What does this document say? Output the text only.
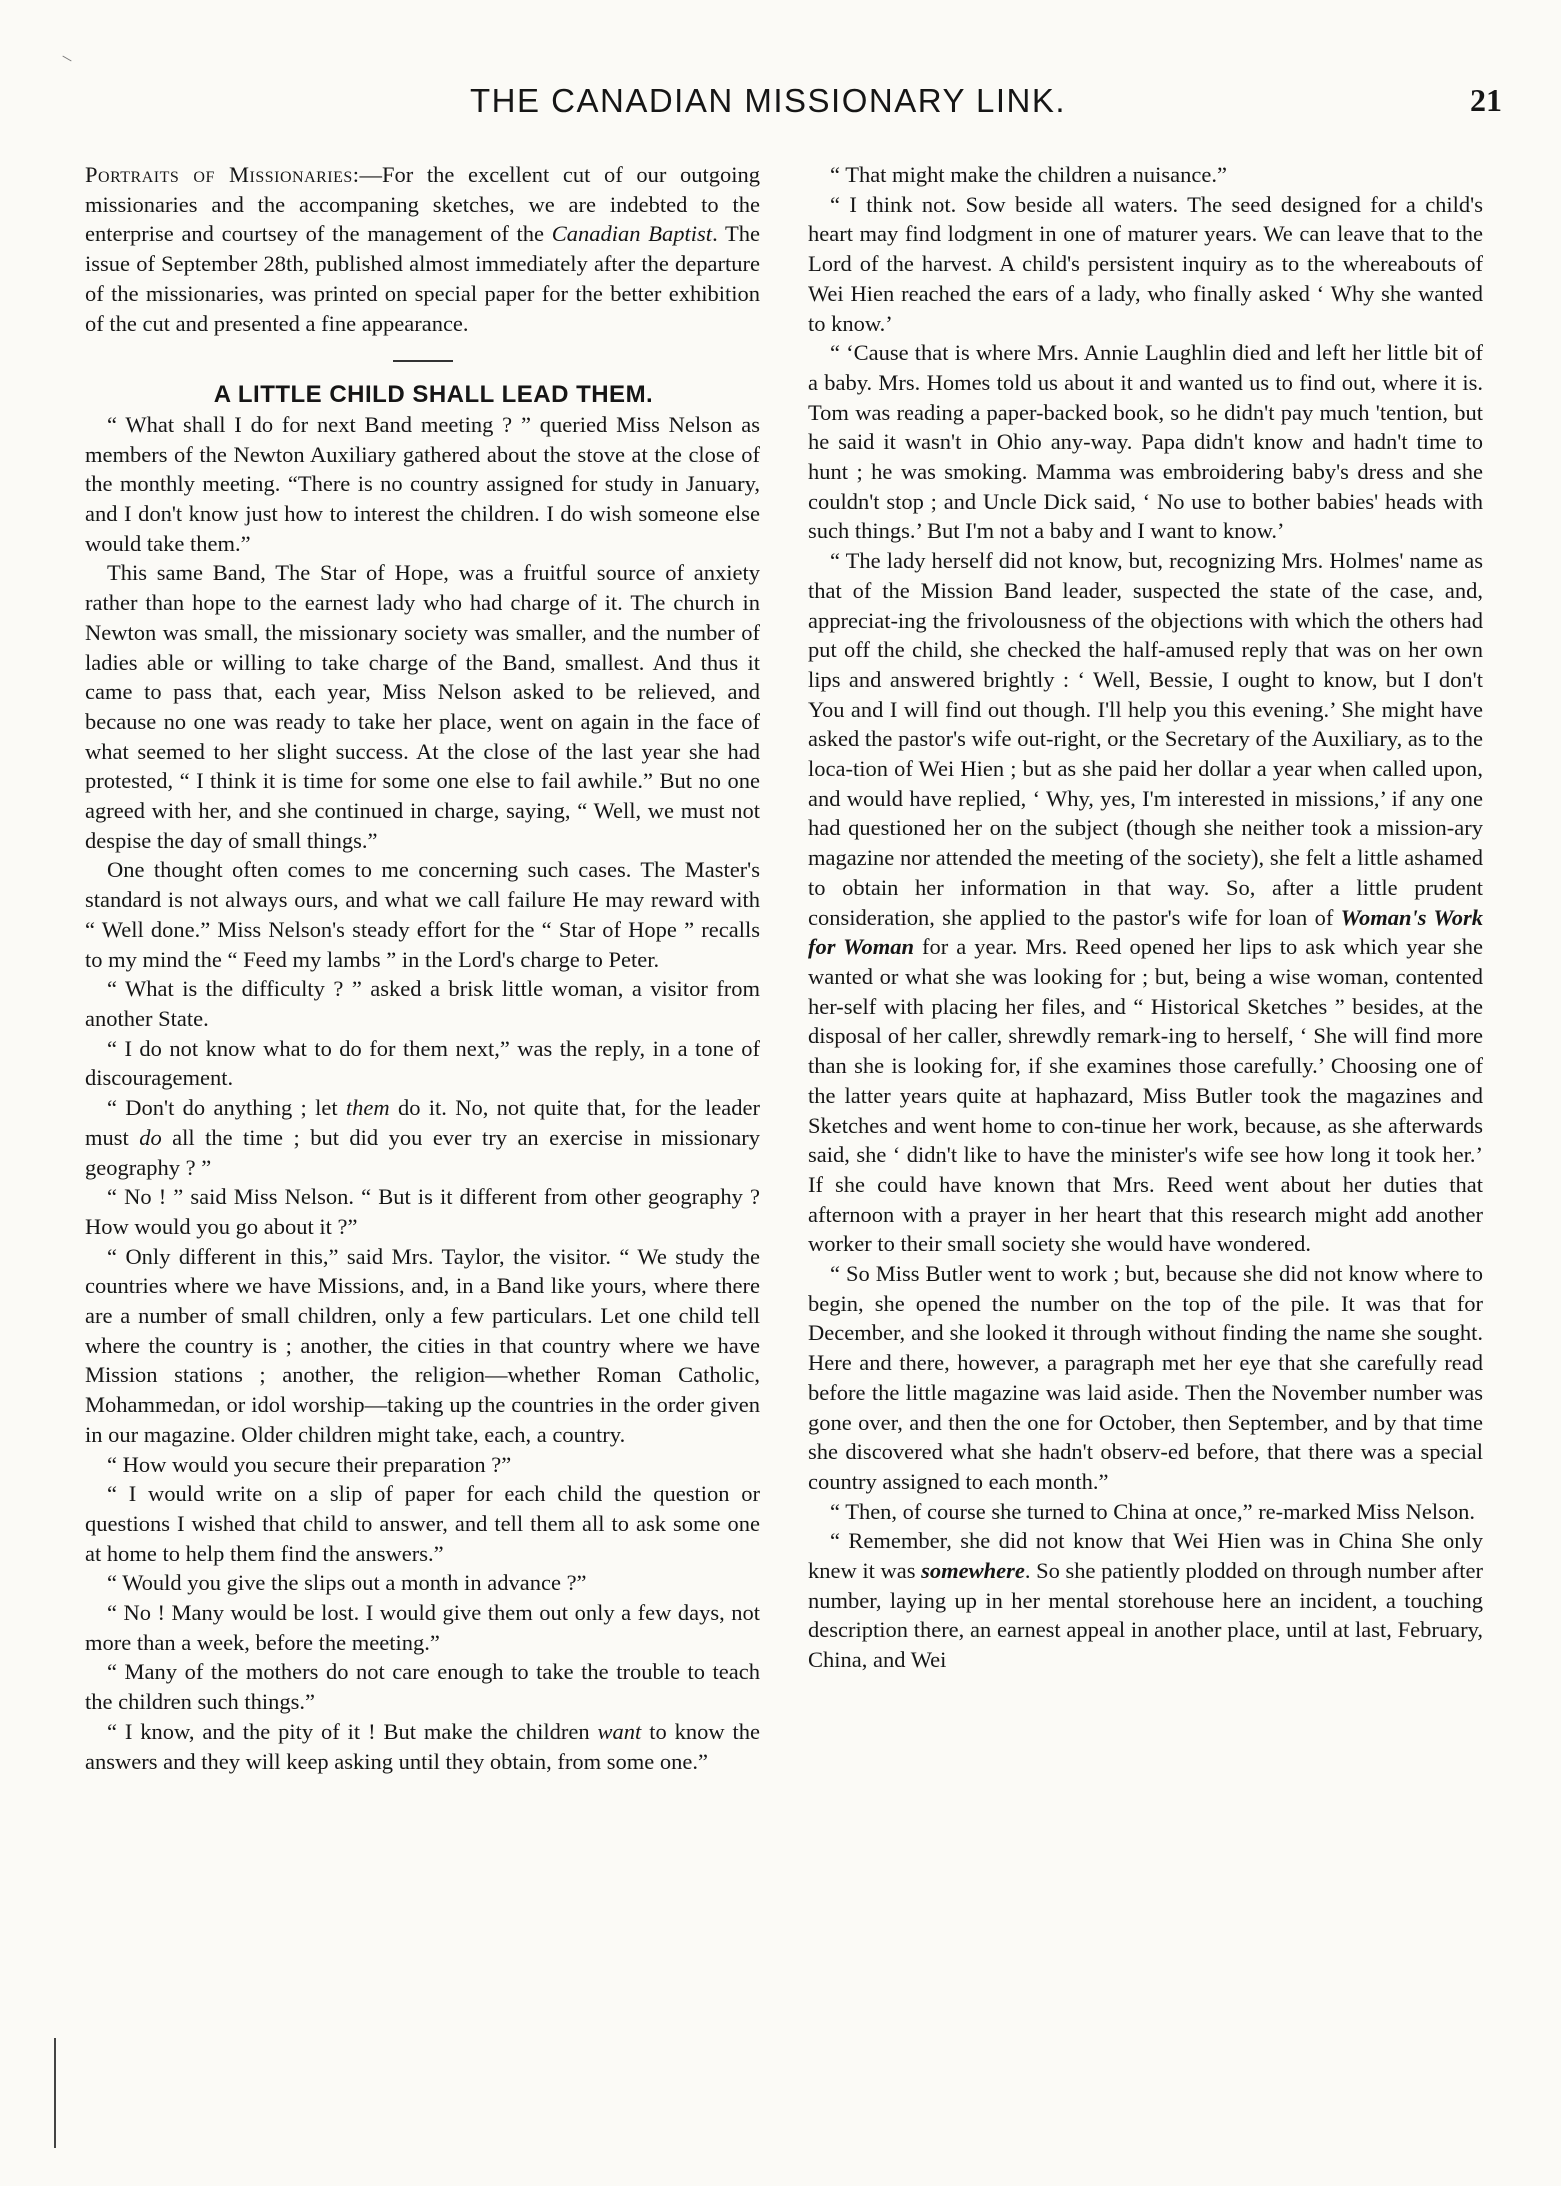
THE CANADIAN MISSIONARY LINK.	21

Portraits of Missionaries:—For the excellent cut of our outgoing missionaries and the accompaning sketches, we are indebted to the enterprise and courtsey of the management of the Canadian Baptist. The issue of September 28th, published almost immediately after the departure of the missionaries, was printed on special paper for the better exhibition of the cut and presented a fine appearance.

A LITTLE CHILD SHALL LEAD THEM.

“ What shall I do for next Band meeting ? ” queried Miss Nelson as members of the Newton Auxiliary gathered about the stove at the close of the monthly meeting. “There is no country assigned for study in January, and I don't know just how to interest the children. I do wish someone else would take them.”

This same Band, The Star of Hope, was a fruitful source of anxiety rather than hope to the earnest lady who had charge of it. The church in Newton was small, the missionary society was smaller, and the number of ladies able or willing to take charge of the Band, smallest. And thus it came to pass that, each year, Miss Nelson asked to be relieved, and because no one was ready to take her place, went on again in the face of what seemed to her slight success. At the close of the last year she had protested, “ I think it is time for some one else to fail awhile.” But no one agreed with her, and she continued in charge, saying, “ Well, we must not despise the day of small things.”

One thought often comes to me concerning such cases. The Master's standard is not always ours, and what we call failure He may reward with “ Well done.” Miss Nelson's steady effort for the “ Star of Hope ” recalls to my mind the “ Feed my lambs ” in the Lord's charge to Peter.

“ What is the difficulty ? ” asked a brisk little woman, a visitor from another State.

“ I do not know what to do for them next,” was the reply, in a tone of discouragement.

“ Don't do anything ; let them do it. No, not quite that, for the leader must do all the time ; but did you ever try an exercise in missionary geography ? ”

“ No ! ” said Miss Nelson. “ But is it different from other geography ? How would you go about it ?”

“ Only different in this,” said Mrs. Taylor, the visitor. “ We study the countries where we have Missions, and, in a Band like yours, where there are a number of small children, only a few particulars. Let one child tell where the country is ; another, the cities in that country where we have Mission stations ; another, the religion—whether Roman Catholic, Mohammedan, or idol worship—taking up the countries in the order given in our magazine. Older children might take, each, a country.

“ How would you secure their preparation ?”

“ I would write on a slip of paper for each child the question or questions I wished that child to answer, and tell them all to ask some one at home to help them find the answers.”

“ Would you give the slips out a month in advance ?”

“ No ! Many would be lost. I would give them out only a few days, not more than a week, before the meeting.”

“ Many of the mothers do not care enough to take the trouble to teach the children such things.”

“ I know, and the pity of it ! But make the children want to know the answers and they will keep asking until they obtain, from some one.”

“ That might make the children a nuisance.”

“ I think not. Sow beside all waters. The seed designed for a child's heart may find lodgment in one of maturer years. We can leave that to the Lord of the harvest. A child's persistent inquiry as to the whereabouts of Wei Hien reached the ears of a lady, who finally asked ‘ Why she wanted to know.’

“ ‘Cause that is where Mrs. Annie Laughlin died and left her little bit of a baby. Mrs. Homes told us about it and wanted us to find out, where it is. Tom was reading a paper-backed book, so he didn't pay much 'tention, but he said it wasn't in Ohio any-way. Papa didn't know and hadn't time to hunt ; he was smoking. Mamma was embroidering baby's dress and she couldn't stop ; and Uncle Dick said, ‘ No use to bother babies' heads with such things.’ But I'm not a baby and I want to know.’

“ The lady herself did not know, but, recognizing Mrs. Holmes' name as that of the Mission Band leader, suspected the state of the case, and, appreciat-ing the frivolousness of the objections with which the others had put off the child, she checked the half-amused reply that was on her own lips and answered brightly : ‘ Well, Bessie, I ought to know, but I don't You and I will find out though. I'll help you this evening.’ She might have asked the pastor's wife out-right, or the Secretary of the Auxiliary, as to the loca-tion of Wei Hien ; but as she paid her dollar a year when called upon, and would have replied, ‘ Why, yes, I'm interested in missions,’ if any one had questioned her on the subject (though she neither took a mission-ary magazine nor attended the meeting of the society), she felt a little ashamed to obtain her information in that way. So, after a little prudent consideration, she applied to the pastor's wife for loan of Woman's Work for Woman for a year. Mrs. Reed opened her lips to ask which year she wanted or what she was looking for ; but, being a wise woman, contented her-self with placing her files, and “ Historical Sketches ” besides, at the disposal of her caller, shrewdly remark-ing to herself, ‘ She will find more than she is looking for, if she examines those carefully.’ Choosing one of the latter years quite at haphazard, Miss Butler took the magazines and Sketches and went home to con-tinue her work, because, as she afterwards said, she ‘ didn't like to have the minister's wife see how long it took her.’ If she could have known that Mrs. Reed went about her duties that afternoon with a prayer in her heart that this research might add another worker to their small society she would have wondered.

“ So Miss Butler went to work ; but, because she did not know where to begin, she opened the number on the top of the pile. It was that for December, and she looked it through without finding the name she sought. Here and there, however, a paragraph met her eye that she carefully read before the little magazine was laid aside. Then the November number was gone over, and then the one for October, then September, and by that time she discovered what she hadn't observ-ed before, that there was a special country assigned to each month.”

“ Then, of course she turned to China at once,” re-marked Miss Nelson.

“ Remember, she did not know that Wei Hien was in China She only knew it was somewhere. So she patiently plodded on through number after number, laying up in her mental storehouse here an incident, a touching description there, an earnest appeal in another place, until at last, February, China, and Wei
